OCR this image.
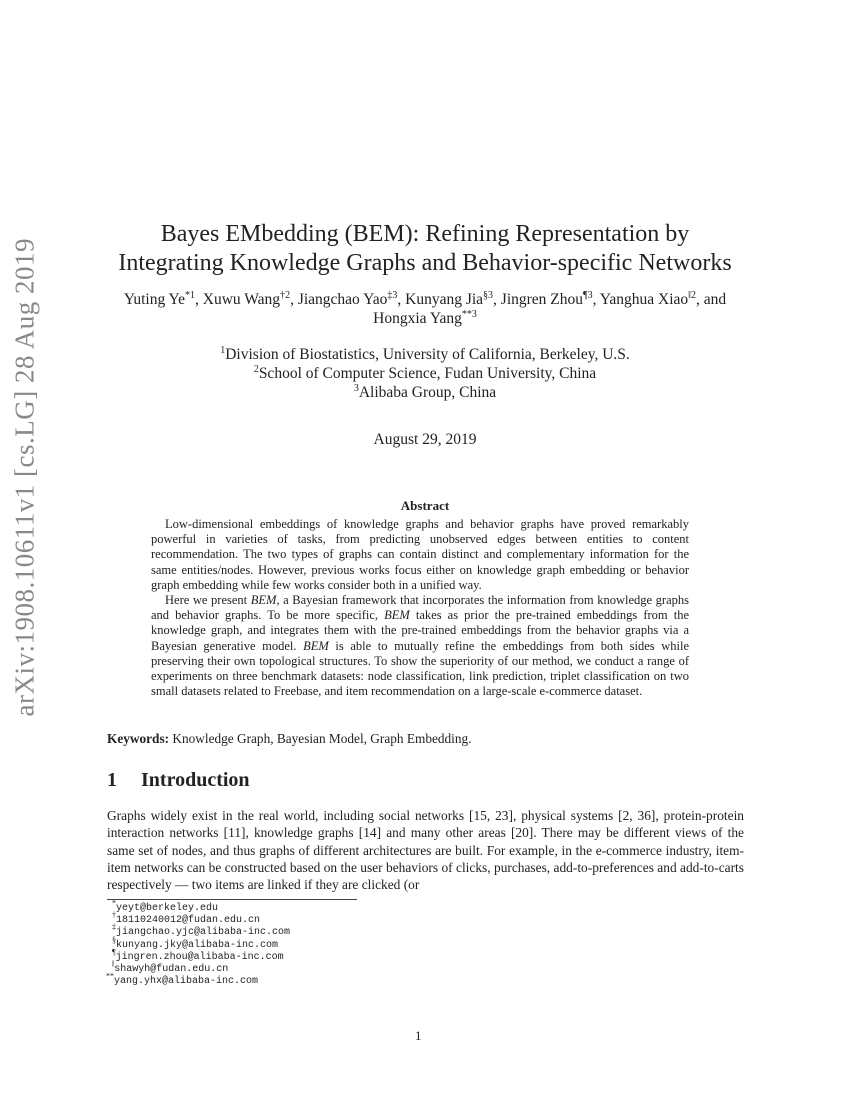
arXiv:1908.10611v1 [cs.LG] 28 Aug 2019
Bayes EMbedding (BEM): Refining Representation by
Integrating Knowledge Graphs and Behavior-specific Networks
Yuting Ye$^{*1}$, Xuwu Wang$^{\dagger 2}$, Jiangchao Yao$^{\ddagger 3}$, Kunyang Jia$^{\S 3}$, Jingren Zhou$^{\P 3}$, Yanghua Xiao$^{‖2}$, and Hongxia Yang$^{**3}$
$^1$Division of Biostatistics, University of California, Berkeley, U.S.
$^2$School of Computer Science, Fudan University, China
$^3$Alibaba Group, China
August 29, 2019
Abstract

Low-dimensional embeddings of knowledge graphs and behavior graphs have proved remarkably powerful in varieties of tasks, from predicting unobserved edges between entities to content recommendation. The two types of graphs can contain distinct and complementary information for the same entities/nodes. However, previous works focus either on knowledge graph embedding or behavior graph embedding while few works consider both in a unified way.

Here we present BEM, a Bayesian framework that incorporates the information from knowledge graphs and behavior graphs. To be more specific, BEM takes as prior the pre-trained embeddings from the knowledge graph, and integrates them with the pre-trained embeddings from the behavior graphs via a Bayesian generative model. BEM is able to mutually refine the embeddings from both sides while preserving their own topological structures. To show the superiority of our method, we conduct a range of experiments on three benchmark datasets: node classification, link prediction, triplet classification on two small datasets related to Freebase, and item recommendation on a large-scale e-commerce dataset.

Keywords: Knowledge Graph, Bayesian Model, Graph Embedding.
1 Introduction

Graphs widely exist in the real world, including social networks [15, 23], physical systems [2, 36], protein-protein interaction networks [11], knowledge graphs [14] and many other areas [20]. There may be different views of the same set of nodes, and thus graphs of different architectures are built. For example, in the e-commerce industry, item-item networks can be constructed based on the user behaviors of clicks, purchases, add-to-preferences and add-to-carts respectively — two items are linked if they are clicked (or

*yeyt@berkeley.edu
†18110240012@fudan.edu.cn
‡jiangchao.yjc@alibaba-inc.com
§kunyang.jky@alibaba-inc.com
¶jingren.zhou@alibaba-inc.com
‖shawyh@fudan.edu.cn
**yang.yhx@alibaba-inc.com
1
